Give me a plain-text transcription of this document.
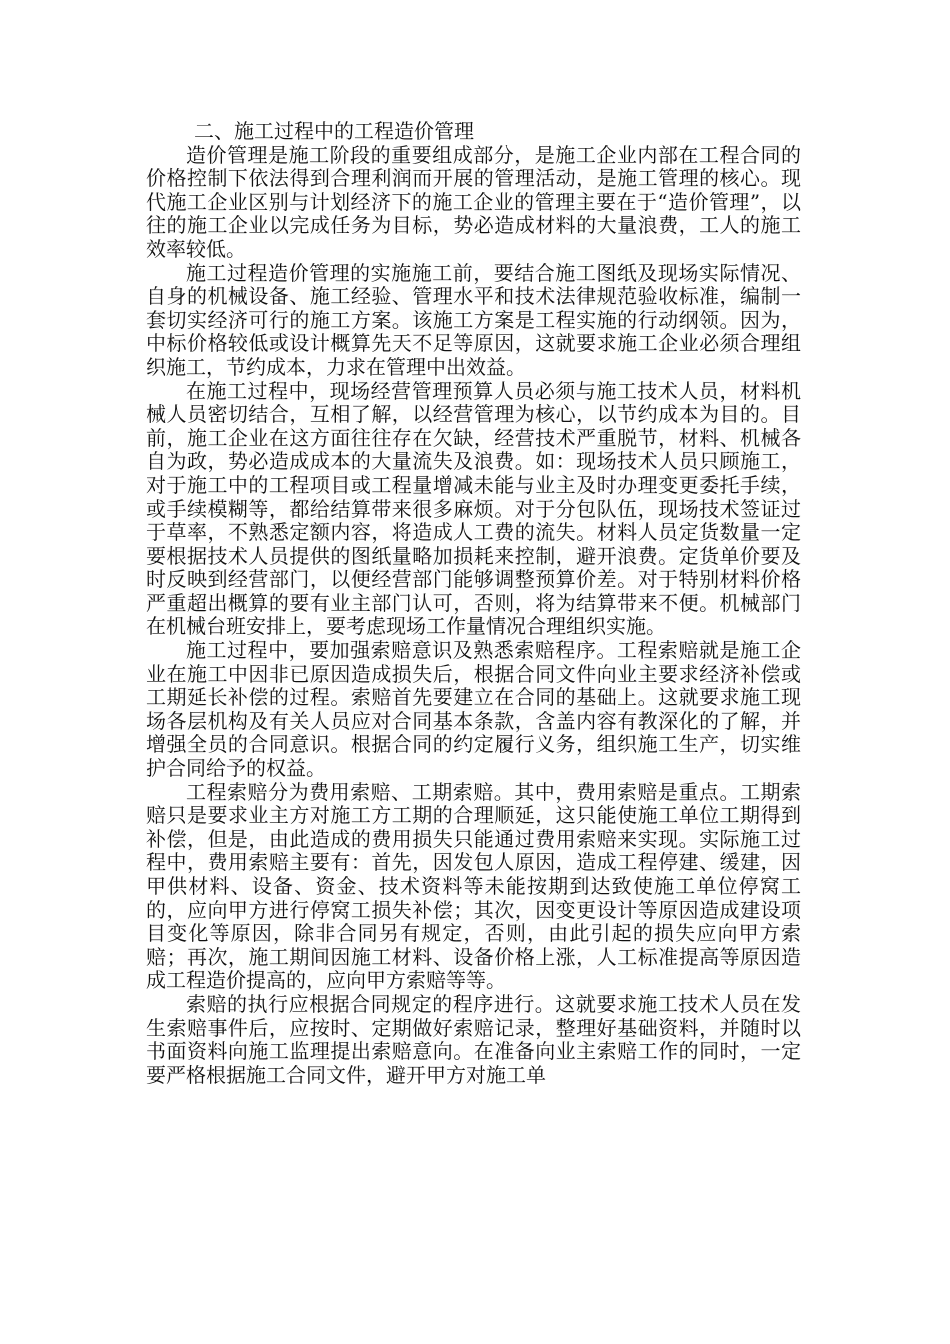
二、施工过程中的工程造价管理

造价管理是施工阶段的重要组成部分，是施工企业内部在工程合同的价格控制下依法得到合理利润而开展的管理活动，是施工管理的核心。现代施工企业区别与计划经济下的施工企业的管理主要在于“造价管理”，以往的施工企业以完成任务为目标，势必造成材料的大量浪费，工人的施工效率较低。

施工过程造价管理的实施施工前，要结合施工图纸及现场实际情况、自身的机械设备、施工经验、管理水平和技术法律规范验收标准，编制一套切实经济可行的施工方案。该施工方案是工程实施的行动纲领。因为，中标价格较低或设计概算先天不足等原因，这就要求施工企业必须合理组织施工，节约成本，力求在管理中出效益。

在施工过程中，现场经营管理预算人员必须与施工技术人员，材料机械人员密切结合，互相了解，以经营管理为核心，以节约成本为目的。目前，施工企业在这方面往往存在欠缺，经营技术严重脱节，材料、机械各自为政，势必造成成本的大量流失及浪费。如：现场技术人员只顾施工，对于施工中的工程项目或工程量增减未能与业主及时办理变更委托手续，或手续模糊等，都给结算带来很多麻烦。对于分包队伍，现场技术签证过于草率，不熟悉定额内容，将造成人工费的流失。材料人员定货数量一定要根据技术人员提供的图纸量略加损耗来控制，避开浪费。定货单价要及时反映到经营部门，以便经营部门能够调整预算价差。对于特别材料价格严重超出概算的要有业主部门认可，否则，将为结算带来不便。机械部门在机械台班安排上，要考虑现场工作量情况合理组织实施。

施工过程中，要加强索赔意识及熟悉索赔程序。工程索赔就是施工企业在施工中因非已原因造成损失后，根据合同文件向业主要求经济补偿或工期延长补偿的过程。索赔首先要建立在合同的基础上。这就要求施工现场各层机构及有关人员应对合同基本条款，含盖内容有教深化的了解，并增强全员的合同意识。根据合同的约定履行义务，组织施工生产，切实维护合同给予的权益。

工程索赔分为费用索赔、工期索赔。其中，费用索赔是重点。工期索赔只是要求业主方对施工方工期的合理顺延，这只能使施工单位工期得到补偿，但是，由此造成的费用损失只能通过费用索赔来实现。实际施工过程中，费用索赔主要有：首先，因发包人原因，造成工程停建、缓建，因甲供材料、设备、资金、技术资料等未能按期到达致使施工单位停窝工的，应向甲方进行停窝工损失补偿；其次，因变更设计等原因造成建设项目变化等原因，除非合同另有规定，否则，由此引起的损失应向甲方索赔；再次，施工期间因施工材料、设备价格上涨，人工标准提高等原因造成工程造价提高的，应向甲方索赔等等。

索赔的执行应根据合同规定的程序进行。这就要求施工技术人员在发生索赔事件后，应按时、定期做好索赔记录，整理好基础资料，并随时以书面资料向施工监理提出索赔意向。在准备向业主索赔工作的同时，一定要严格根据施工合同文件，避开甲方对施工单
